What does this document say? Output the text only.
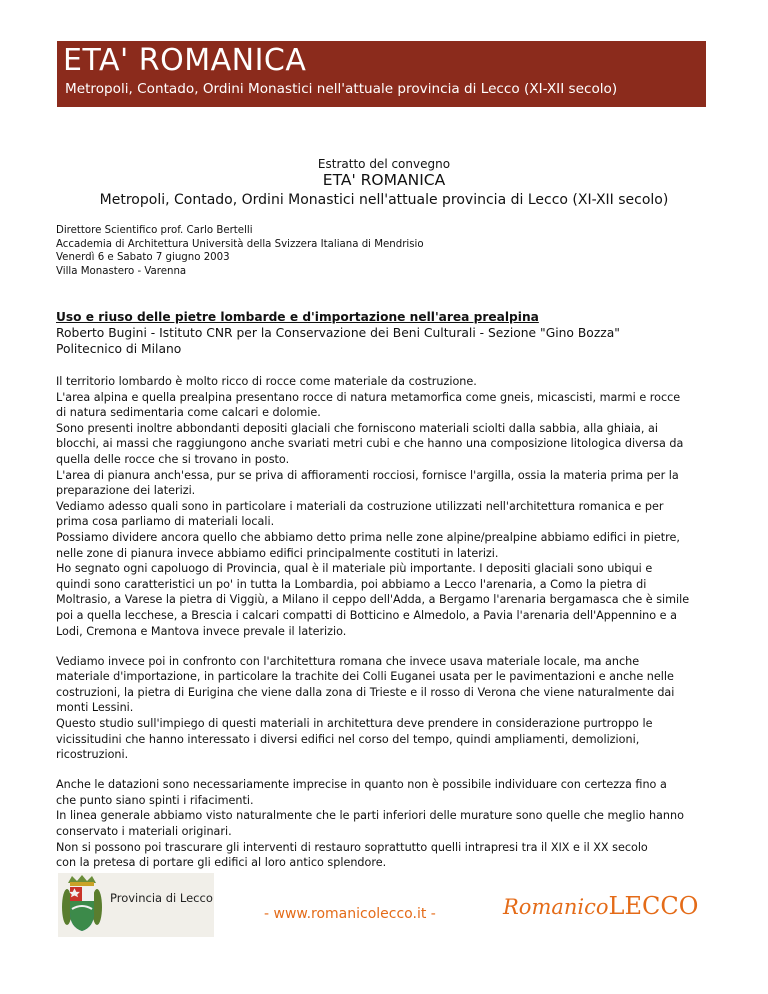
ETA' ROMANICA
Metropoli, Contado, Ordini Monastici nell'attuale provincia di Lecco (XI-XII secolo)
Estratto del convegno
ETA' ROMANICA
Metropoli, Contado, Ordini Monastici nell'attuale provincia di Lecco (XI-XII secolo)
Direttore Scientifico prof. Carlo Bertelli
Accademia di Architettura Università della Svizzera Italiana di Mendrisio
Venerdì 6 e Sabato 7 giugno 2003
Villa Monastero - Varenna
Uso e riuso delle pietre lombarde e d'importazione nell'area prealpina
Roberto Bugini - Istituto CNR per la Conservazione dei Beni Culturali - Sezione "Gino Bozza"
Politecnico di Milano
Il territorio lombardo è molto ricco di rocce come materiale da costruzione.
L'area alpina e quella prealpina presentano rocce di natura metamorfica come gneis, micascisti, marmi e rocce
di natura sedimentaria come calcari e dolomie.
Sono presenti inoltre abbondanti depositi glaciali che forniscono materiali sciolti dalla sabbia, alla ghiaia, ai
blocchi, ai massi che raggiungono anche svariati metri cubi e che hanno una composizione litologica diversa da
quella delle rocce che si trovano in posto.
L'area di pianura anch'essa, pur se priva di affioramenti rocciosi, fornisce l'argilla, ossia la materia prima per la
preparazione dei laterizi.
Vediamo adesso quali sono in particolare i materiali da costruzione utilizzati nell'architettura romanica e per
prima cosa parliamo di materiali locali.
Possiamo dividere ancora quello che abbiamo detto prima nelle zone alpine/prealpine abbiamo edifici in pietre,
nelle zone di pianura invece abbiamo edifici principalmente costituti in laterizi.
Ho segnato ogni capoluogo di Provincia, qual è il materiale più importante. I depositi glaciali sono ubiqui e
quindi sono caratteristici un po' in tutta la Lombardia, poi abbiamo a Lecco l'arenaria, a Como la pietra di
Moltrasio, a Varese la pietra di Viggiù, a Milano il ceppo dell'Adda, a Bergamo l'arenaria bergamasca che è simile
poi a quella lecchese, a Brescia i calcari compatti di Botticino e Almedolo, a Pavia l'arenaria dell'Appennino e a
Lodi, Cremona e Mantova invece prevale il laterizio.
Vediamo invece poi in confronto con l'architettura romana che invece usava materiale locale, ma anche
materiale d'importazione, in particolare la trachite dei Colli Euganei usata per le pavimentazioni e anche nelle
costruzioni, la pietra di Eurigina che viene dalla zona di Trieste e il rosso di Verona che viene naturalmente dai
monti Lessini.
Questo studio sull'impiego di questi materiali in architettura deve prendere in considerazione purtroppo le
vicissitudini che hanno interessato i diversi edifici nel corso del tempo, quindi ampliamenti, demolizioni,
ricostruzioni.
Anche le datazioni sono necessariamente imprecise in quanto non è possibile individuare con certezza fino a
che punto siano spinti i rifacimenti.
In linea generale abbiamo visto naturalmente che le parti inferiori delle murature sono quelle che meglio hanno
conservato i materiali originari.
Non si possono poi trascurare gli interventi di restauro soprattutto quelli intrapresi tra il XIX e il XX secolo
con la pretesa di portare gli edifici al loro antico splendore.
Provincia di Lecco
- www.romanicolecco.it -	RomanicoLECCO
